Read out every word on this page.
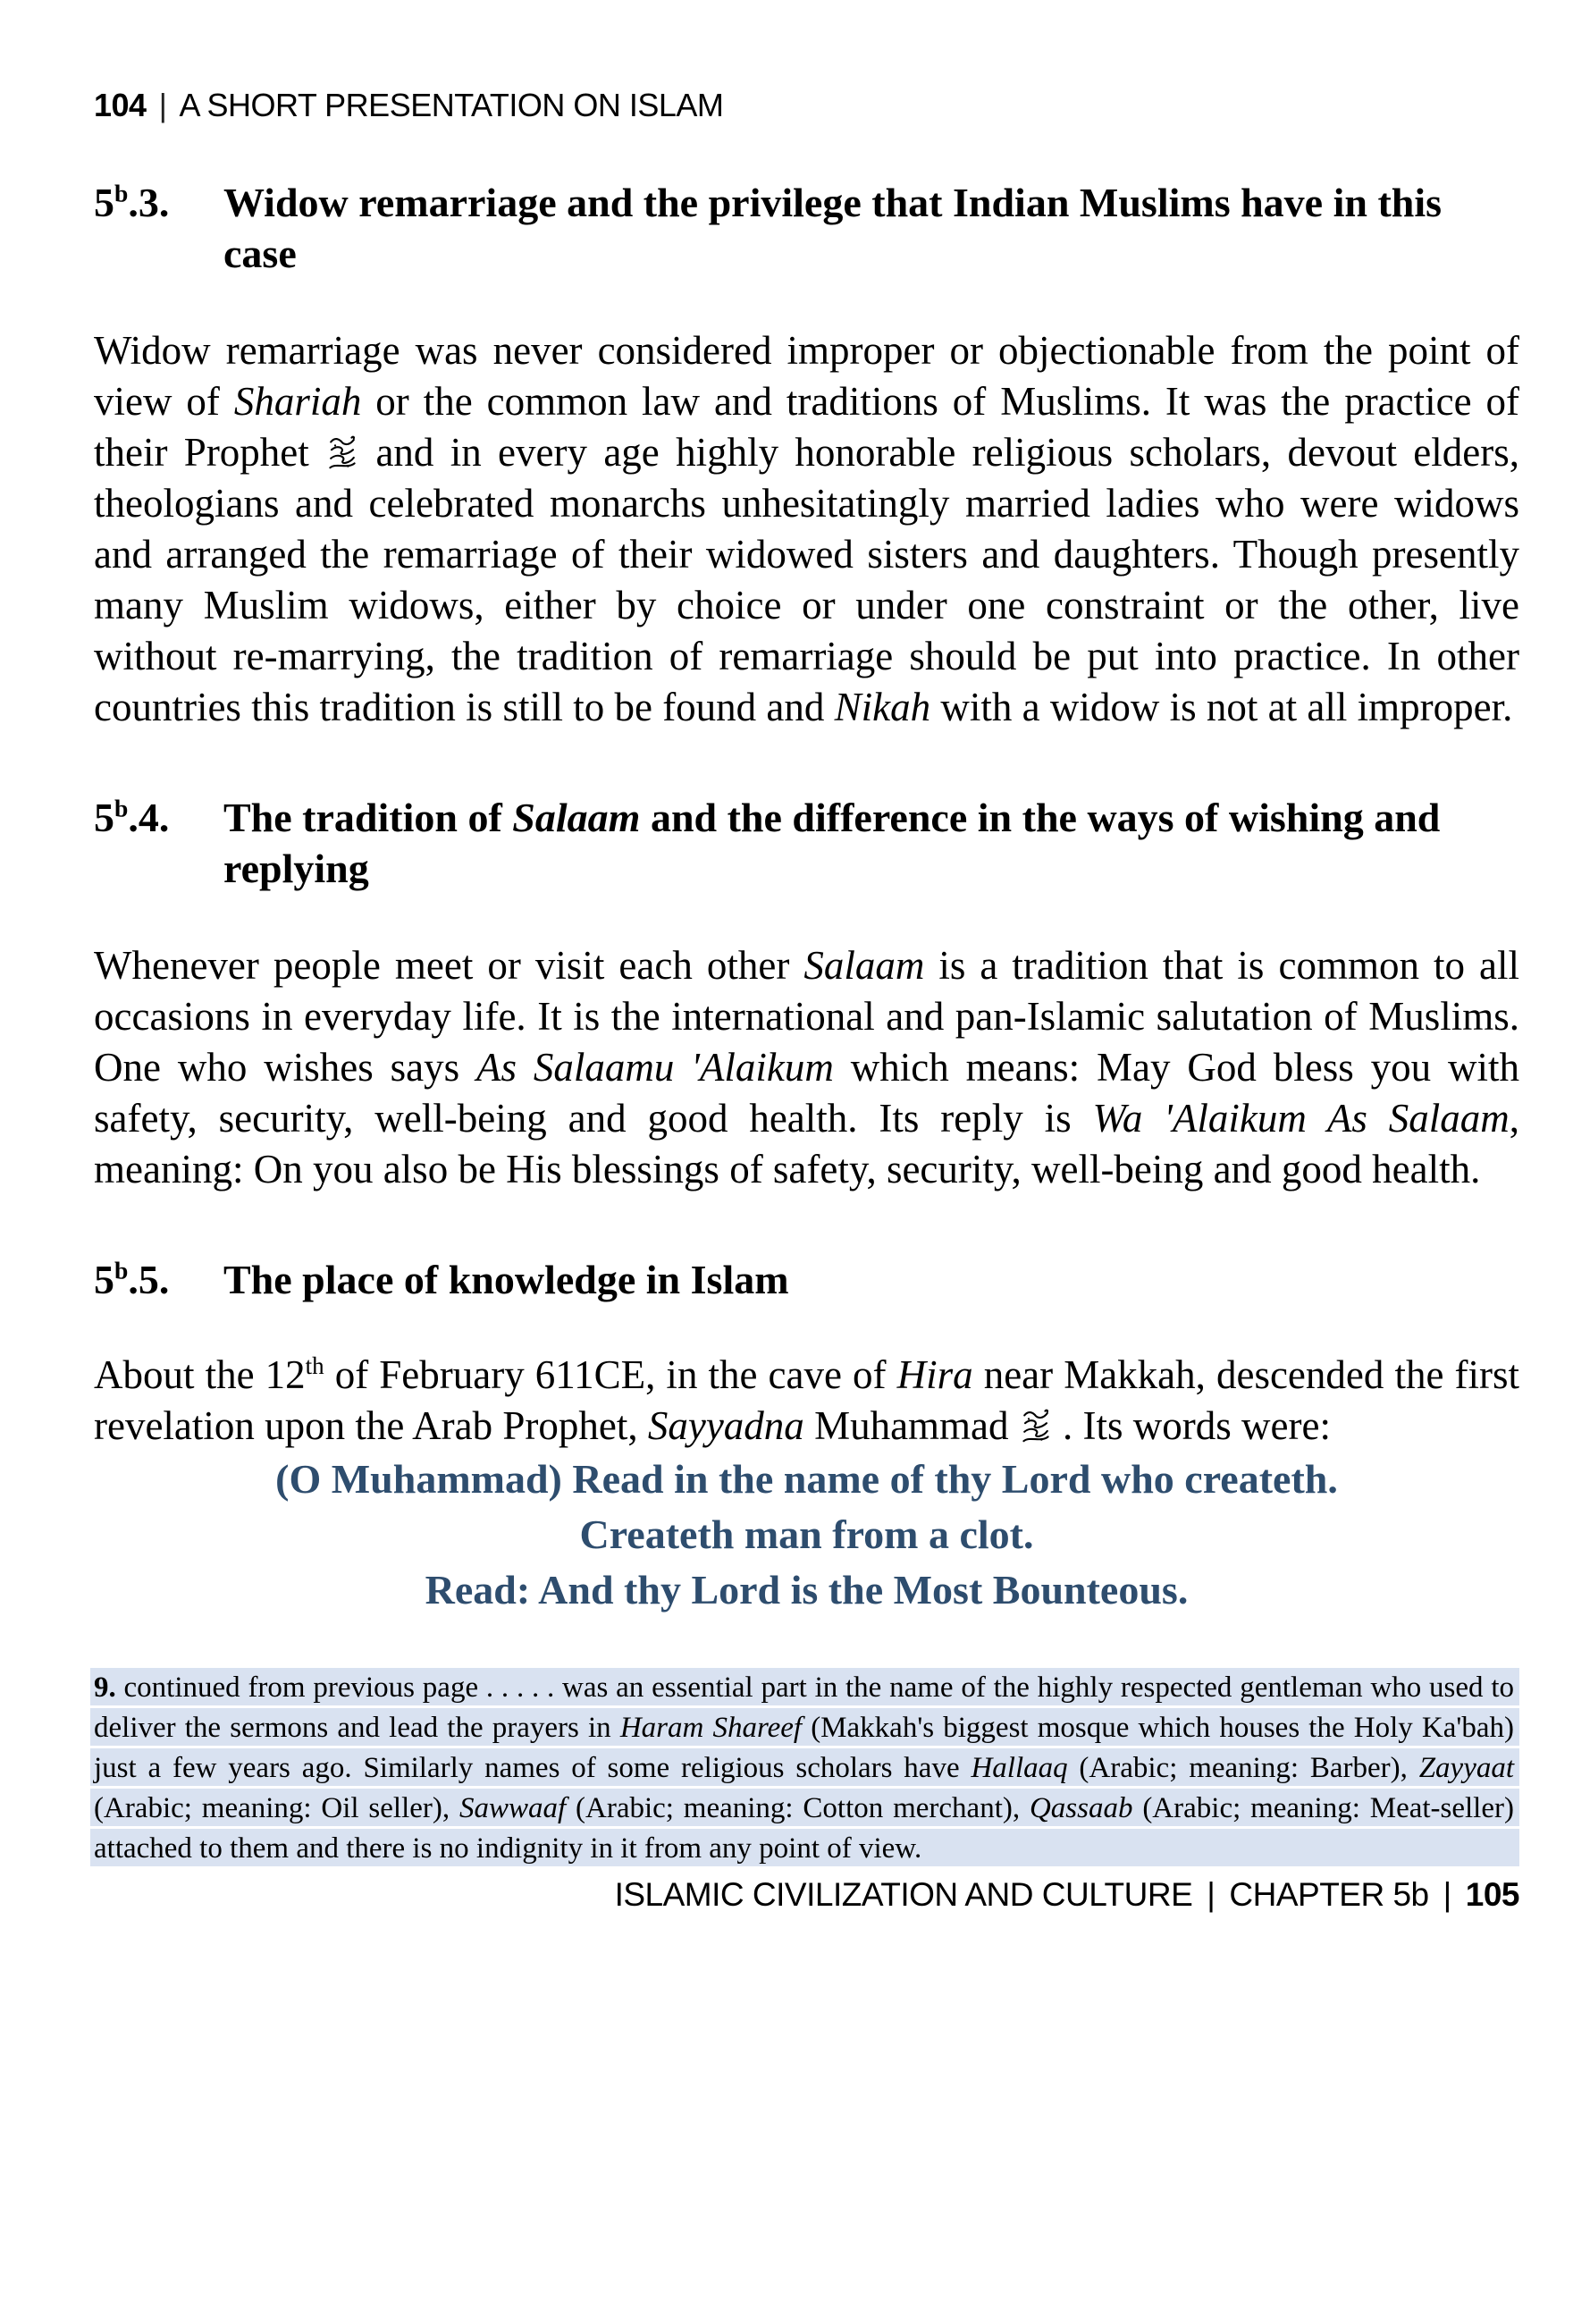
104 | A SHORT PRESENTATION ON ISLAM
5$^b$.3.	Widow remarriage and the privilege that Indian Muslims have in this case

Widow remarriage was never considered improper or objectionable from the point of view of Shariah or the common law and traditions of Muslims. It was the practice of their Prophet
and in every age highly honorable religious scholars, devout elders, theologians and celebrated monarchs unhesitatingly married ladies who were widows and arranged the remarriage of their widowed sisters and daughters. Though presently many Muslim widows, either by choice or under one constraint or the other, live without re-marrying, the tradition of remarriage should be put into practice. In other countries this tradition is still to be found and Nikah with a widow is not at all improper.

5$^b$.4.	The tradition of Salaam and the difference in the ways of wishing and replying

Whenever people meet or visit each other Salaam is a tradition that is common to all occasions in everyday life. It is the international and pan-Islamic salutation of Muslims. One who wishes says As Salaamu 'Alaikum which means: May God bless you with safety, security, well-being and good health. Its reply is Wa 'Alaikum As Salaam, meaning: On you also be His blessings of safety, security, well-being and good health.

5$^b$.5.	The place of knowledge in Islam

About the 12th of February 611CE, in the cave of Hira near Makkah, descended the first revelation upon the Arab Prophet, Sayyadna Muhammad
. Its words were:

(O Muhammad) Read in the name of thy Lord who createth.
Createth man from a clot.
Read: And thy Lord is the Most Bounteous.
9. continued from previous page . . . . . was an essential part in the name of the highly respected gentleman who used to deliver the sermons and lead the prayers in Haram Shareef (Makkah's biggest mosque which houses the Holy Ka'bah) just a few years ago. Similarly names of some religious scholars have Hallaaq (Arabic; meaning: Barber), Zayyaat (Arabic; meaning: Oil seller), Sawwaaf (Arabic; meaning: Cotton merchant), Qassaab (Arabic; meaning: Meat-seller) attached to them and there is no indignity in it from any point of view.
ISLAMIC CIVILIZATION AND CULTURE | CHAPTER 5b | 105
